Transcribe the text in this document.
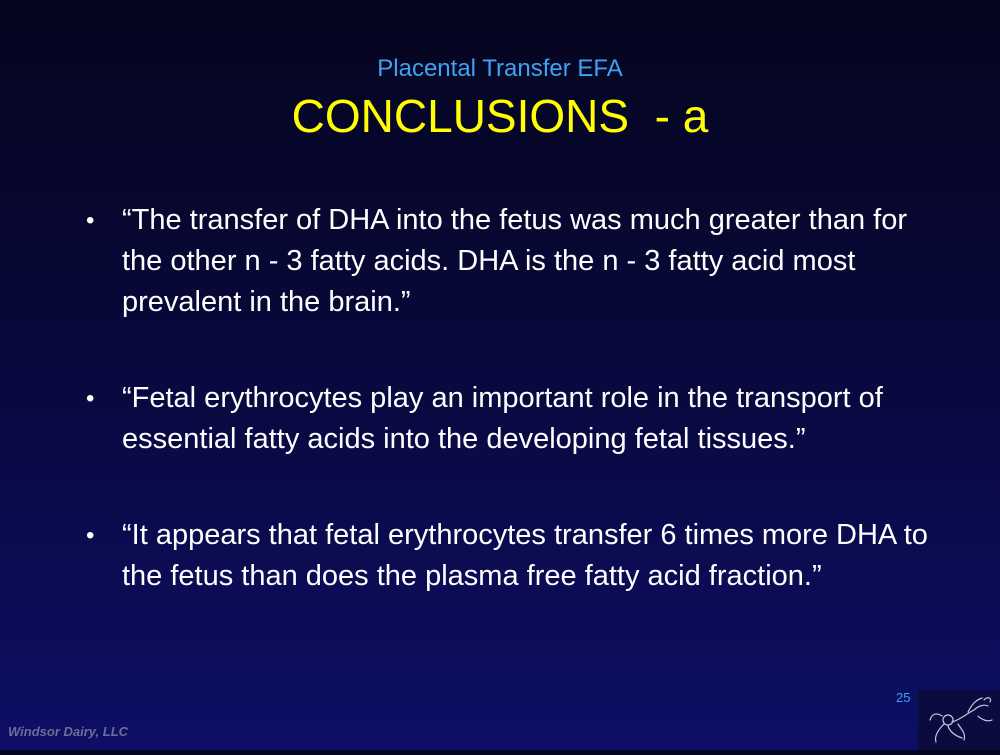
Placental Transfer EFA
CONCLUSIONS  - a
• “The transfer of DHA into the fetus was much greater than for the other n - 3 fatty acids. DHA is the n - 3 fatty acid most prevalent in the brain.”
• “Fetal erythrocytes play an important role in the transport of essential fatty acids into the developing fetal tissues.”
• “It appears that fetal erythrocytes transfer 6 times more DHA to the fetus than does the plasma free fatty acid fraction.”
25
Windsor Dairy, LLC
